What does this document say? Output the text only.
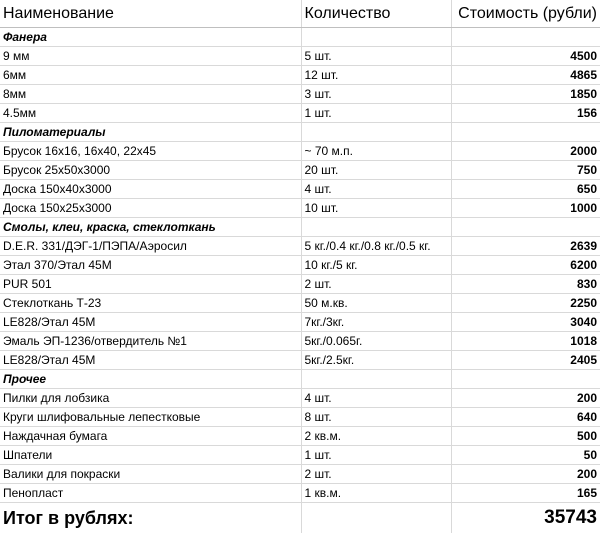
Наименование	Количество	Стоимость (рубли)
Фанера		
9 мм	5 шт.	4500
6мм	12 шт.	4865
8мм	3 шт.	1850
4.5мм	1 шт.	156
Пиломатериалы		
Брусок 16х16, 16х40, 22х45	~ 70 м.п.	2000
Брусок 25х50х3000	20 шт.	750
Доска 150х40х3000	4 шт.	650
Доска 150х25х3000	10 шт.	1000
Смолы, клеи, краска, стеклоткань		
D.E.R. 331/ДЭГ-1/ПЭПА/Аэросил	5 кг./0.4 кг./0.8 кг./0.5 кг.	2639
Этал 370/Этал 45М	10 кг./5 кг.	6200
PUR 501	2 шт.	830
Стеклоткань Т-23	50 м.кв.	2250
LE828/Этал 45М	7кг./3кг.	3040
Эмаль ЭП-1236/отвердитель №1	5кг./0.065г.	1018
LE828/Этал 45М	5кг./2.5кг.	2405
Прочее		
Пилки для лобзика	4 шт.	200
Круги шлифовальные лепестковые	8 шт.	640
Наждачная бумага	2 кв.м.	500
Шпатели	1 шт.	50
Валики для покраски	2 шт.	200
Пенопласт	1 кв.м.	165
Итог в рублях:		35743
